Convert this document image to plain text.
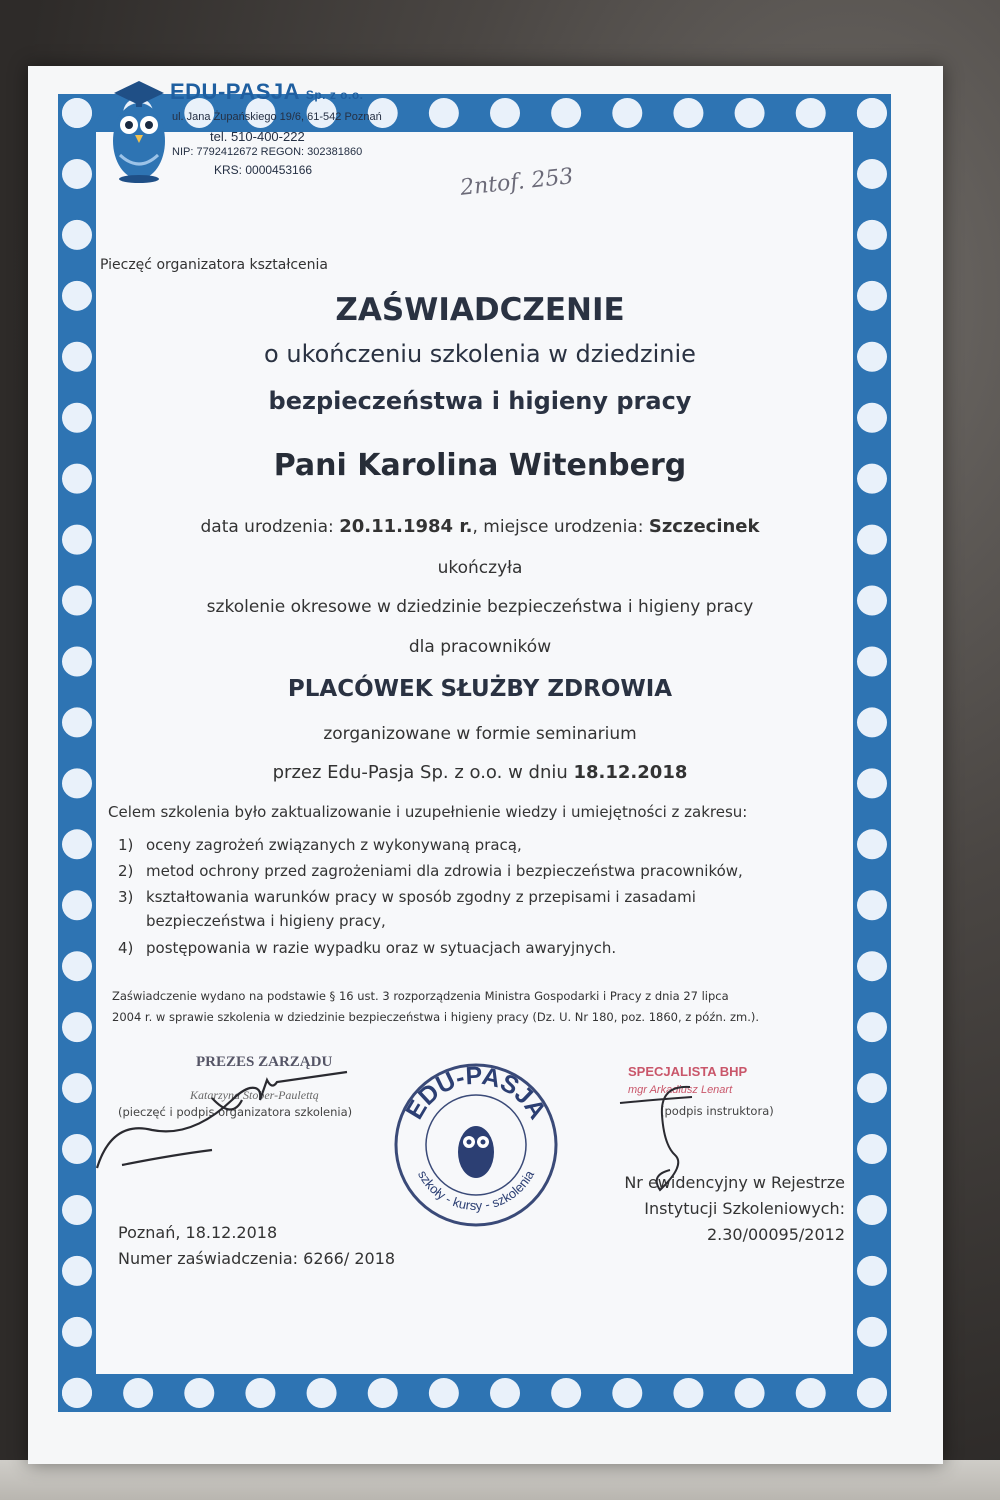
EDU-PASJA Sp. z o.o.
ul. Jana Żupańskiego 19/6, 61-542 Poznań
tel. 510-400-222
NIP: 7792412672 REGON: 302381860
KRS: 0000453166
Pieczęć organizatora kształcenia
2ntof. 253
ZAŚWIADCZENIE
o ukończeniu szkolenia w dziedzinie
bezpieczeństwa i higieny pracy
Pani Karolina Witenberg
data urodzenia: 20.11.1984 r., miejsce urodzenia: Szczecinek
ukończyła
szkolenie okresowe w dziedzinie bezpieczeństwa i higieny pracy
dla pracowników
PLACÓWEK SŁUŻBY ZDROWIA
zorganizowane w formie seminarium
przez Edu-Pasja Sp. z o.o. w dniu 18.12.2018
Celem szkolenia było zaktualizowanie i uzupełnienie wiedzy i umiejętności z zakresu:
1) oceny zagrożeń związanych z wykonywaną pracą,
2) metod ochrony przed zagrożeniami dla zdrowia i bezpieczeństwa pracowników,
3) kształtowania warunków pracy w sposób zgodny z przepisami i zasadami
bezpieczeństwa i higieny pracy,
4) postępowania w razie wypadku oraz w sytuacjach awaryjnych.
Zaświadczenie wydano na podstawie § 16 ust. 3 rozporządzenia Ministra Gospodarki i Pracy z dnia 27 lipca
2004 r. w sprawie szkolenia w dziedzinie bezpieczeństwa i higieny pracy (Dz. U. Nr 180, poz. 1860, z późn. zm.).
PREZES ZARZĄDU
Katarzyna Stober-Paulettą
(pieczęć i podpis organizatora szkolenia) EDU-PASJA
szkoły - kursy - szkolenia
SPECJALISTA BHP
mgr Arkadiusz Lenart
(podpis instruktora)
Nr ewidencyjny w Rejestrze
Instytucji Szkoleniowych:
2.30/00095/2012
Poznań, 18.12.2018
Numer zaświadczenia: 6266/ 2018
